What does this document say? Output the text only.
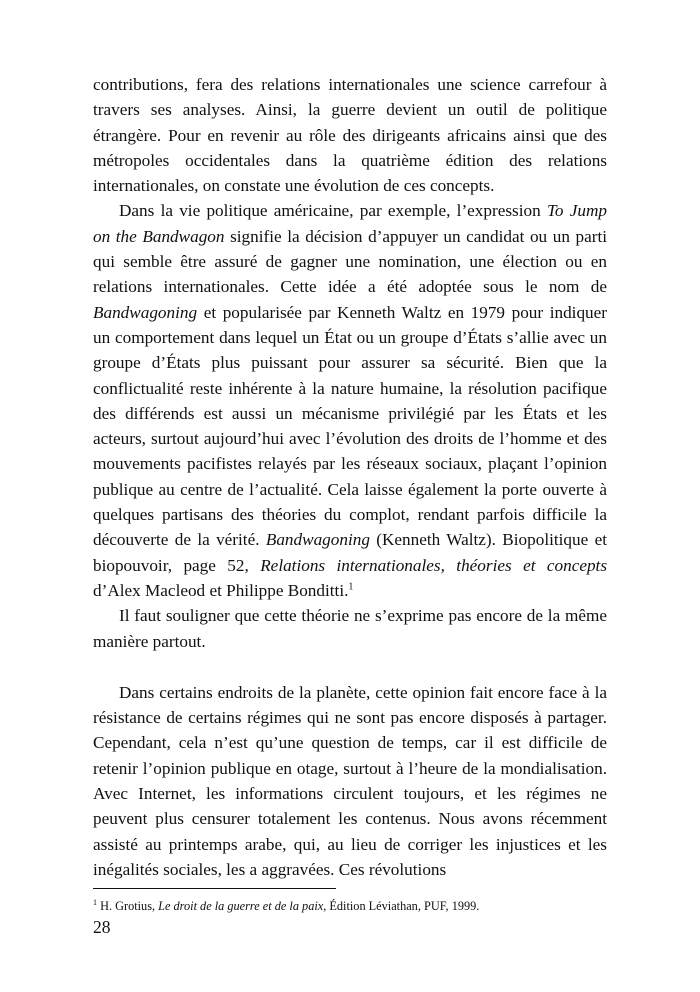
contributions, fera des relations internationales une science carrefour à travers ses analyses. Ainsi, la guerre devient un outil de politique étrangère. Pour en revenir au rôle des dirigeants africains ainsi que des métropoles occidentales dans la quatrième édition des relations internationales, on constate une évolution de ces concepts.

Dans la vie politique américaine, par exemple, l’expression To Jump on the Bandwagon signifie la décision d’appuyer un candidat ou un parti qui semble être assuré de gagner une nomination, une élection ou en relations internationales. Cette idée a été adoptée sous le nom de Bandwagoning et popularisée par Kenneth Waltz en 1979 pour indiquer un comportement dans lequel un État ou un groupe d’États s’allie avec un groupe d’États plus puissant pour assurer sa sécurité. Bien que la conflictualité reste inhérente à la nature humaine, la résolution pacifique des différends est aussi un mécanisme privilégié par les États et les acteurs, surtout aujourd’hui avec l’évolution des droits de l’homme et des mouvements pacifistes relayés par les réseaux sociaux, plaçant l’opinion publique au centre de l’actualité. Cela laisse également la porte ouverte à quelques partisans des théories du complot, rendant parfois difficile la découverte de la vérité. Bandwagoning (Kenneth Waltz). Biopolitique et biopouvoir, page 52, Relations internationales, théories et concepts d’Alex Macleod et Philippe Bonditti.$^1$

Il faut souligner que cette théorie ne s’exprime pas encore de la même manière partout.

Dans certains endroits de la planète, cette opinion fait encore face à la résistance de certains régimes qui ne sont pas encore disposés à partager. Cependant, cela n’est qu’une question de temps, car il est difficile de retenir l’opinion publique en otage, surtout à l’heure de la mondialisation. Avec Internet, les informations circulent toujours, et les régimes ne peuvent plus censurer totalement les contenus. Nous avons récemment assisté au printemps arabe, qui, au lieu de corriger les injustices et les inégalités sociales, les a aggravées. Ces révolutions

$^1$ H. Grotius, Le droit de la guerre et de la paix, Édition Léviathan, PUF, 1999.

28
